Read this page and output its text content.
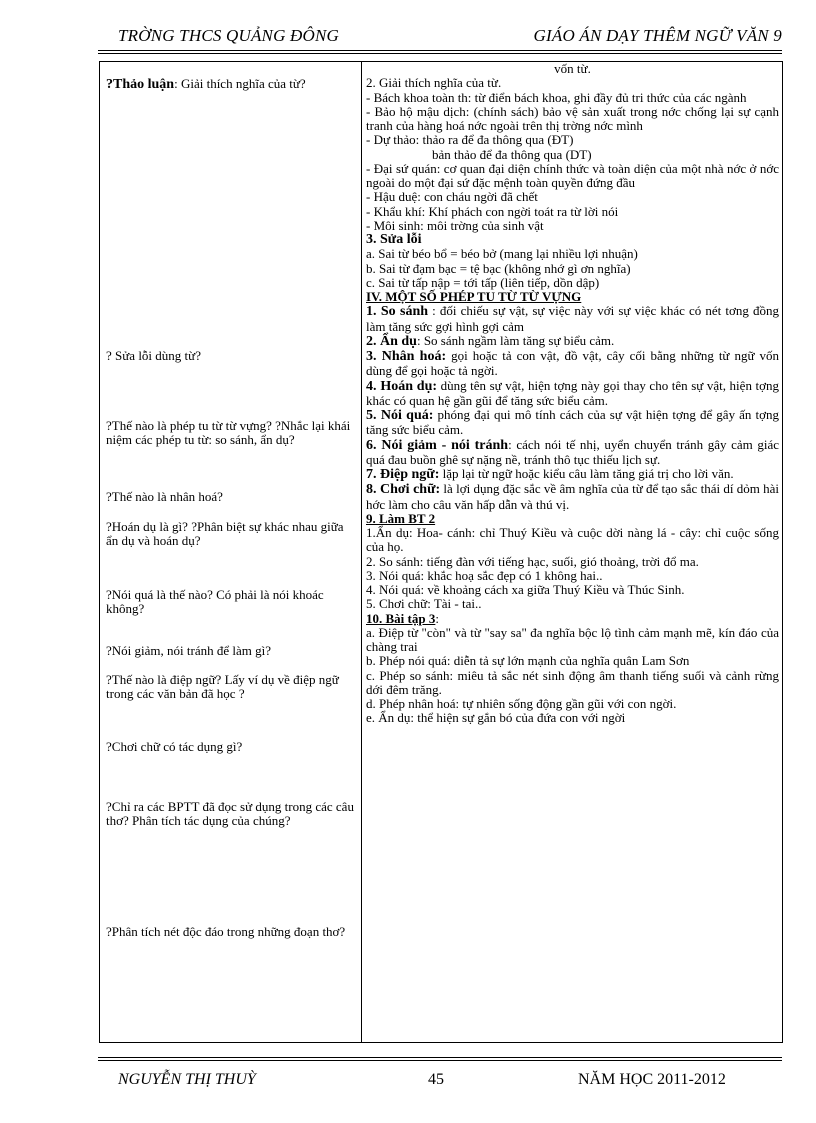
TRỜNG THCS QUẢNG ĐÔNG	GIÁO ÁN DẠY THÊM NGỮ VĂN 9
?Thảo luận: Giải thích nghĩa của từ?
? Sửa lỗi dùng từ?
?Thế nào là phép tu từ từ vựng? ?Nhắc lại khái niệm các phép tu từ: so sánh, ẩn dụ?
?Thế nào là nhân hoá?
?Hoán dụ là gì? ?Phân biệt sự khác nhau giữa ẩn dụ và hoán dụ?
?Nói quá là thế nào? Có phải là nói khoác không?
?Nói giảm, nói tránh để làm gì?
?Thế nào là điệp ngữ? Lấy ví dụ về điệp ngữ trong các văn bản đã học ?
?Chơi chữ có tác dụng gì?
?Chỉ ra các BPTT đã đọc sử dụng trong các câu thơ? Phân tích tác dụng của chúng?
?Phân tích nét độc đáo trong những đoạn thơ?

vốn từ.

2. Giải thích nghĩa của từ.

- Bách khoa toàn th: từ điển bách khoa, ghi đầy đủ tri thức của các ngành

- Bảo hộ mậu dịch: (chính sách) bảo vệ sản xuất trong nớc chống lại sự cạnh tranh của hàng hoá nớc ngoài trên thị trờng nớc mình

- Dự thảo: thảo ra để đa thông qua (ĐT)

bản thảo để đa thông qua (DT)

- Đại sứ quán: cơ quan đại diện chính thức và toàn diện của một nhà nớc ở nớc ngoài do một đại sứ đặc mệnh toàn quyền đứng đầu

- Hậu duệ: con cháu ngời đã chết

- Khẩu khí: Khí phách con ngời toát ra từ lời nói

- Môi sinh: môi trờng của sinh vật

3. Sửa lỗi

a. Sai từ béo bổ = béo bở (mang lại nhiều lợi nhuận)

b. Sai từ đạm bạc = tệ bạc (không nhớ gì ơn nghĩa)

c. Sai từ tấp nập = tới tấp (liên tiếp, dồn dập)

IV. MỘT SỐ PHÉP TU TỪ TỪ VỰNG

1. So sánh : đối chiếu sự vật, sự việc này với sự việc khác có nét tơng đồng làm tăng sức gợi hình gợi cảm

2. Ẩn dụ: So sánh ngầm làm tăng sự biểu cảm.

3. Nhân hoá: gọi hoặc tả con vật, đồ vật, cây cối bằng những từ ngữ vốn dùng để gọi hoặc tả ngời.

4. Hoán dụ: dùng tên sự vật, hiện tợng này gọi thay cho tên sự vật, hiện tợng khác có quan hệ gần gũi để tăng sức biểu cảm.

5. Nói quá: phóng đại qui mô tính cách của sự vật hiện tợng để gây ấn tợng tăng sức biểu cảm.

6. Nói giảm - nói tránh: cách nói tế nhị, uyển chuyển tránh gây cảm giác quá đau buồn ghê sự nặng nề, tránh thô tục thiếu lịch sự.

7. Điệp ngữ: lặp lại từ ngữ hoặc kiểu câu làm tăng giá trị cho lời văn.

8. Chơi chữ: là lợi dụng đặc sắc về âm nghĩa của từ để tạo sắc thái dí dỏm hài hớc làm cho câu văn hấp dẫn và thú vị.

9. Làm BT 2

1.Ẩn dụ: Hoa- cánh: chỉ Thuý Kiều và cuộc dời nàng lá - cây: chỉ cuộc sống của họ.

2. So sánh: tiếng đàn với tiếng hạc, suối, gió thoảng, trời đổ ma.

3. Nói quá: khắc hoạ sắc đẹp có 1 không hai..

4. Nói quá: về khoảng cách xa giữa Thuý Kiều và Thúc Sinh.

5. Chơi chữ: Tài - tai..

10. Bài tập 3:

a. Điệp từ "còn" và từ "say sa" đa nghĩa bộc lộ tình cảm mạnh mẽ, kín đáo của chàng trai

b. Phép nói quá: diễn tả sự lớn mạnh của nghĩa quân Lam Sơn

c. Phép so sánh: miêu tả sắc nét sinh động âm thanh tiếng suối và cảnh rừng dới đêm trăng.

d. Phép nhân hoá: tự nhiên sống động gần gũi với con ngời.

e. Ẩn dụ: thể hiện sự gắn bó của đứa con với ngời

NGUYỄN THỊ THUỲ	45	NĂM HỌC 2011-2012
